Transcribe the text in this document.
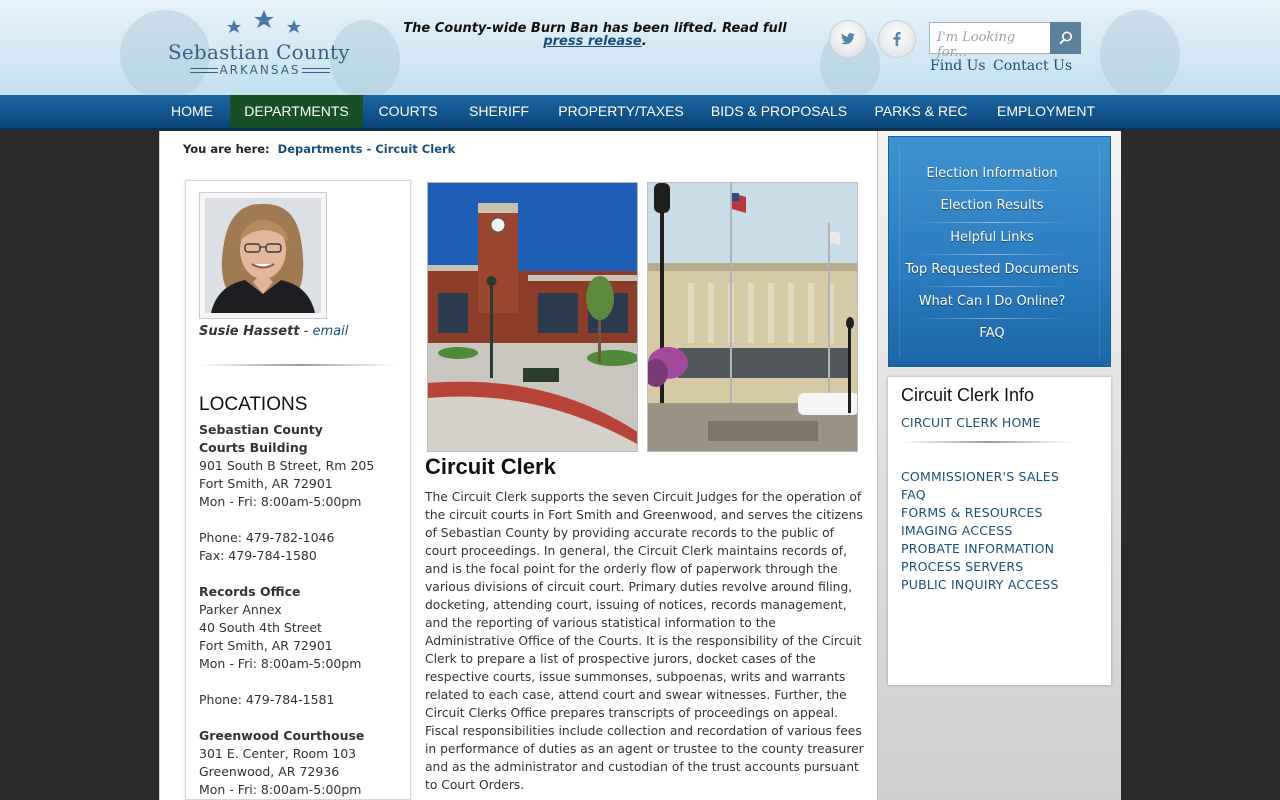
Sebastian County
ARKANSAS
The County-wide Burn Ban has been lifted. Read full press release.	I'm Looking for...
Find Us Contact Us
HOME	DEPARTMENTS	COURTS	SHERIFF	PROPERTY/TAXES	BIDS & PROPOSALS	PARKS & REC	EMPLOYMENT
You are here: Departments - Circuit Clerk
Susie Hassett - email
LOCATIONS
Sebastian County
Courts Building
901 South B Street, Rm 205
Fort Smith, AR 72901
Mon - Fri: 8:00am-5:00pm
Phone: 479-782-1046
Fax: 479-784-1580
Records Office
Parker Annex
40 South 4th Street
Fort Smith, AR 72901
Mon - Fri: 8:00am-5:00pm
Phone: 479-784-1581
Greenwood Courthouse
301 E. Center, Room 103
Greenwood, AR 72936
Mon - Fri: 8:00am-5:00pm
Circuit Clerk
The Circuit Clerk supports the seven Circuit Judges for the operation of the circuit courts in Fort Smith and Greenwood, and serves the citizens of Sebastian County by providing accurate records to the public of court proceedings. In general, the Circuit Clerk maintains records of, and is the focal point for the orderly flow of paperwork through the various divisions of circuit court. Primary duties revolve around filing, docketing, attending court, issuing of notices, records management, and the reporting of various statistical information to the Administrative Office of the Courts. It is the responsibility of the Circuit Clerk to prepare a list of prospective jurors, docket cases of the respective courts, issue summonses, subpoenas, writs and warrants related to each case, attend court and swear witnesses. Further, the Circuit Clerks Office prepares transcripts of proceedings on appeal. Fiscal responsibilities include collection and recordation of various fees in performance of duties as an agent or trustee to the county treasurer and as the administrator and custodian of the trust accounts pursuant to Court Orders.
Election Information
Election Results
Helpful Links
Top Requested Documents
What Can I Do Online?
FAQ
Circuit Clerk Info
CIRCUIT CLERK HOME
COMMISSIONER'S SALES
FAQ
FORMS & RESOURCES
IMAGING ACCESS
PROBATE INFORMATION
PROCESS SERVERS
PUBLIC INQUIRY ACCESS
